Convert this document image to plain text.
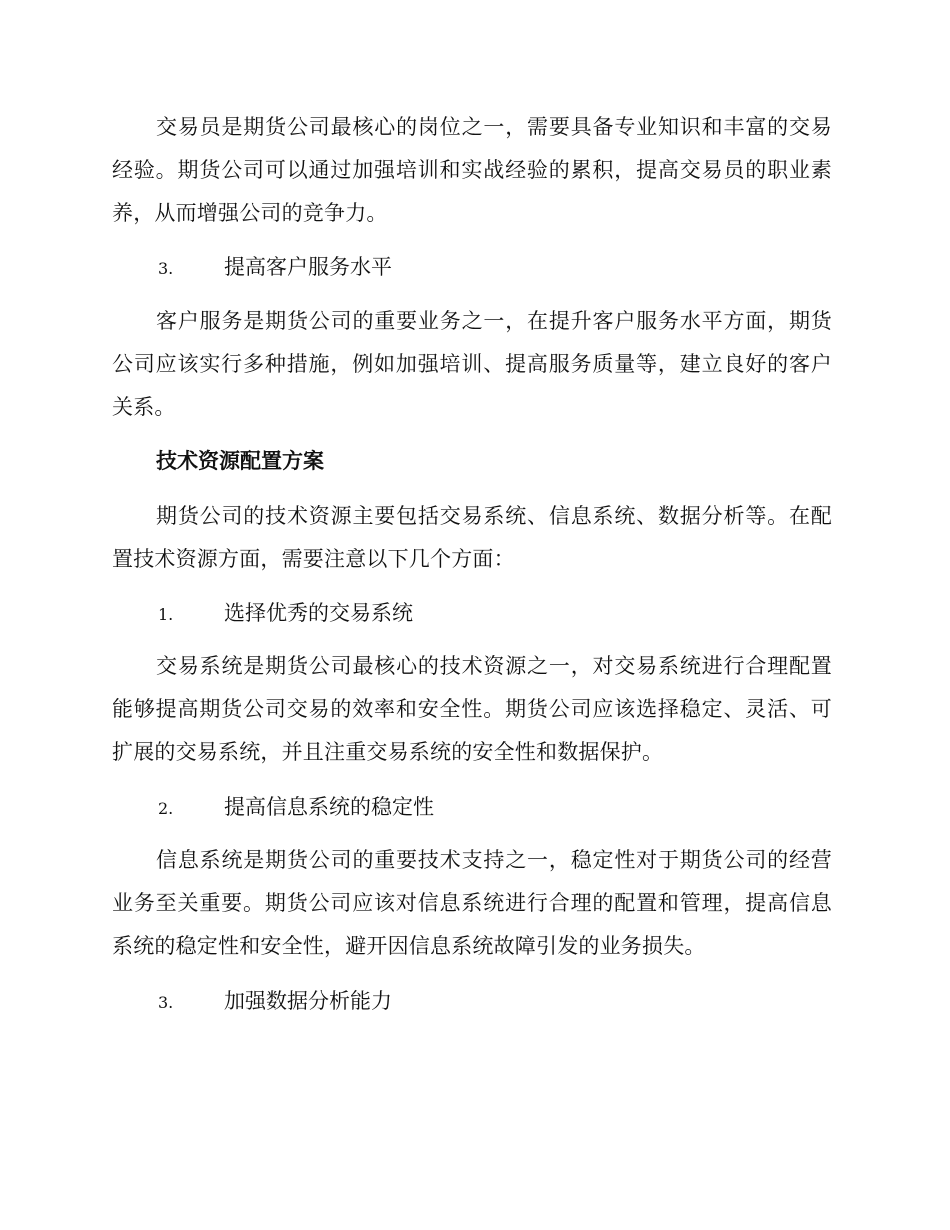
交易员是期货公司最核心的岗位之一，需要具备专业知识和丰富的交易经验。期货公司可以通过加强培训和实战经验的累积，提高交易员的职业素养，从而增强公司的竞争力。

3. 提高客户服务水平

客户服务是期货公司的重要业务之一，在提升客户服务水平方面，期货公司应该实行多种措施，例如加强培训、提高服务质量等，建立良好的客户关系。

技术资源配置方案

期货公司的技术资源主要包括交易系统、信息系统、数据分析等。在配置技术资源方面，需要注意以下几个方面：

1. 选择优秀的交易系统

交易系统是期货公司最核心的技术资源之一，对交易系统进行合理配置能够提高期货公司交易的效率和安全性。期货公司应该选择稳定、灵活、可扩展的交易系统，并且注重交易系统的安全性和数据保护。

2. 提高信息系统的稳定性

信息系统是期货公司的重要技术支持之一，稳定性对于期货公司的经营业务至关重要。期货公司应该对信息系统进行合理的配置和管理，提高信息系统的稳定性和安全性，避开因信息系统故障引发的业务损失。

3. 加强数据分析能力
